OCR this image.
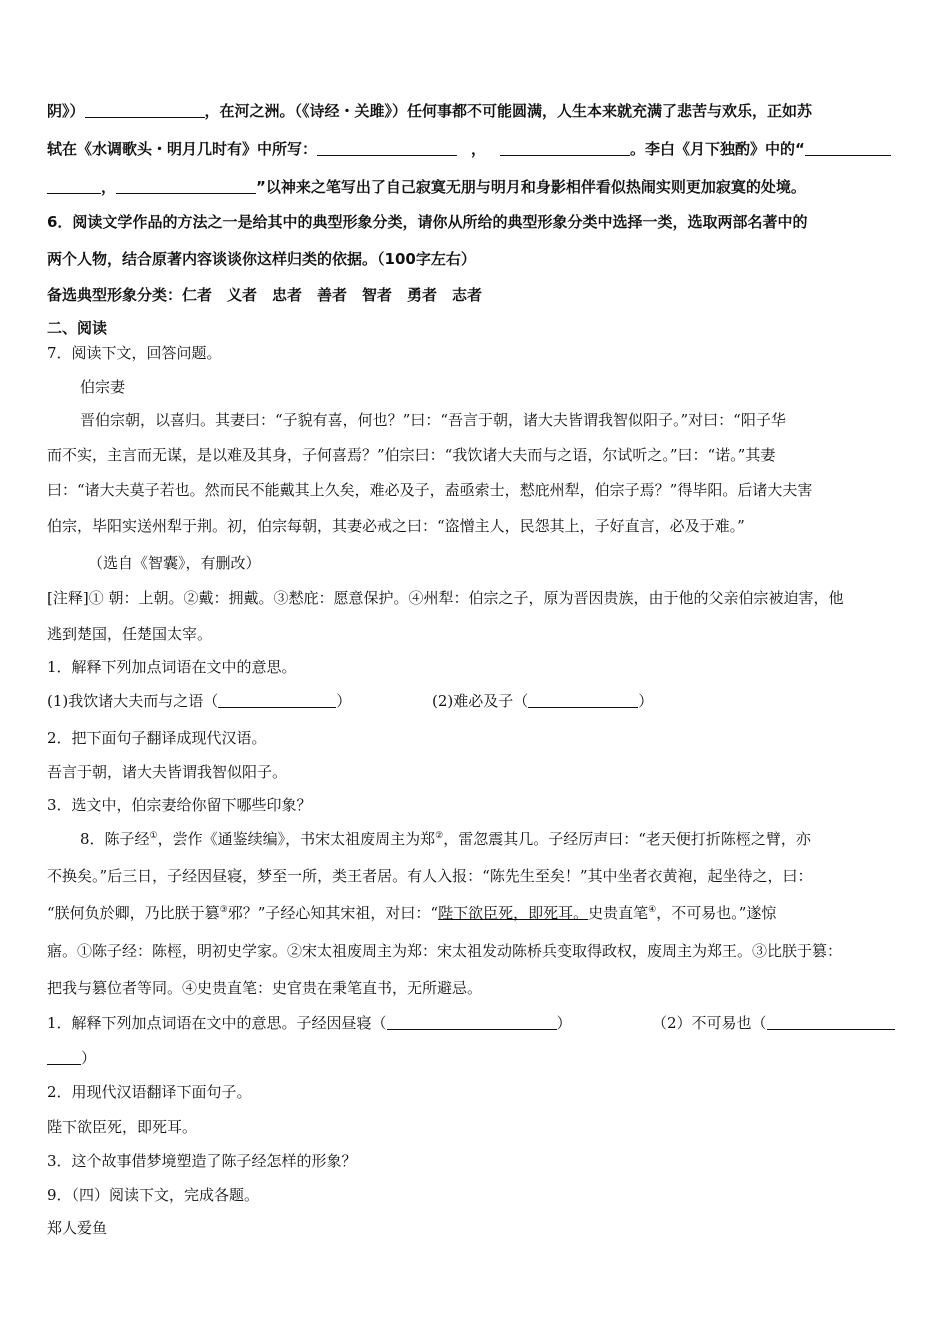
阴》）	，在河之洲。（《诗经・关雎》）任何事都不可能圆满，人生本来就充满了悲苦与欢乐，正如苏
轼在《水调歌头・明月几时有》中所写：	，	。李白《月下独酌》中的“
，	”以神来之笔写出了自己寂寞无朋与明月和身影相伴看似热闹实则更加寂寞的处境。
6．阅读文学作品的方法之一是给其中的典型形象分类，请你从所给的典型形象分类中选择一类，选取两部名著中的
两个人物，结合原著内容谈谈你这样归类的依据。（100字左右）
备选典型形象分类：仁者　义者　忠者　善者　智者　勇者　志者
二、阅读
7．阅读下文，回答问题。
伯宗妻
晋伯宗朝，以喜归。其妻曰：“子貌有喜，何也？”曰：“吾言于朝，诸大夫皆谓我智似阳子。”对曰：“阳子华
而不实，主言而无谋，是以难及其身，子何喜焉？”伯宗曰：“我饮诸大夫而与之语，尔试听之。”曰：“诺。”其妻
曰：“诸大夫莫子若也。然而民不能戴其上久矣，难必及子，盍亟索士，慭庇州犁，伯宗子焉？”得毕阳。后诸大夫害
伯宗，毕阳实送州犁于荆。初，伯宗每朝，其妻必戒之曰：“盗憎主人，民怨其上，子好直言，必及于难。”
（选自《智囊》，有删改）
[注释]① 朝：上朝。②戴：拥戴。③慭庇：愿意保护。④州犁：伯宗之子，原为晋因贵族，由于他的父亲伯宗被迫害，他
逃到楚国，任楚国太宰。
1．解释下列加点词语在文中的意思。
(1)我饮诸大夫而与之语（	）	(2)难必及子（	）
2．把下面句子翻译成现代汉语。
吾言于朝，诸大夫皆谓我智似阳子。
3．选文中，伯宗妻给你留下哪些印象？
8．陈子经①，尝作《通鉴续编》，书宋太祖废周主为郑②，雷忽震其几。子经厉声曰：“老天便打折陈桱之臂，亦
不换矣。”后三日，子经因昼寝，梦至一所，类王者居。有人入报：“陈先生至矣！”其中坐者衣黄袍，起坐待之，曰：
“朕何负於卿，乃比朕于篡③邪？”子经心知其宋祖，对曰：“陛下欲臣死，即死耳。史贵直笔④，不可易也。”遂惊
寤。①陈子经：陈桱，明初史学家。②宋太祖废周主为郑：宋太祖发动陈桥兵变取得政权，废周主为郑王。③比朕于篡：
把我与篡位者等同。④史贵直笔：史官贵在秉笔直书，无所避忌。
1．解释下列加点词语在文中的意思。子经因昼寝（	）	（2）不可易也（
）
2．用现代汉语翻译下面句子。
陛下欲臣死，即死耳。
3．这个故事借梦境塑造了陈子经怎样的形象？
9．（四）阅读下文，完成各题。
郑人爱鱼
